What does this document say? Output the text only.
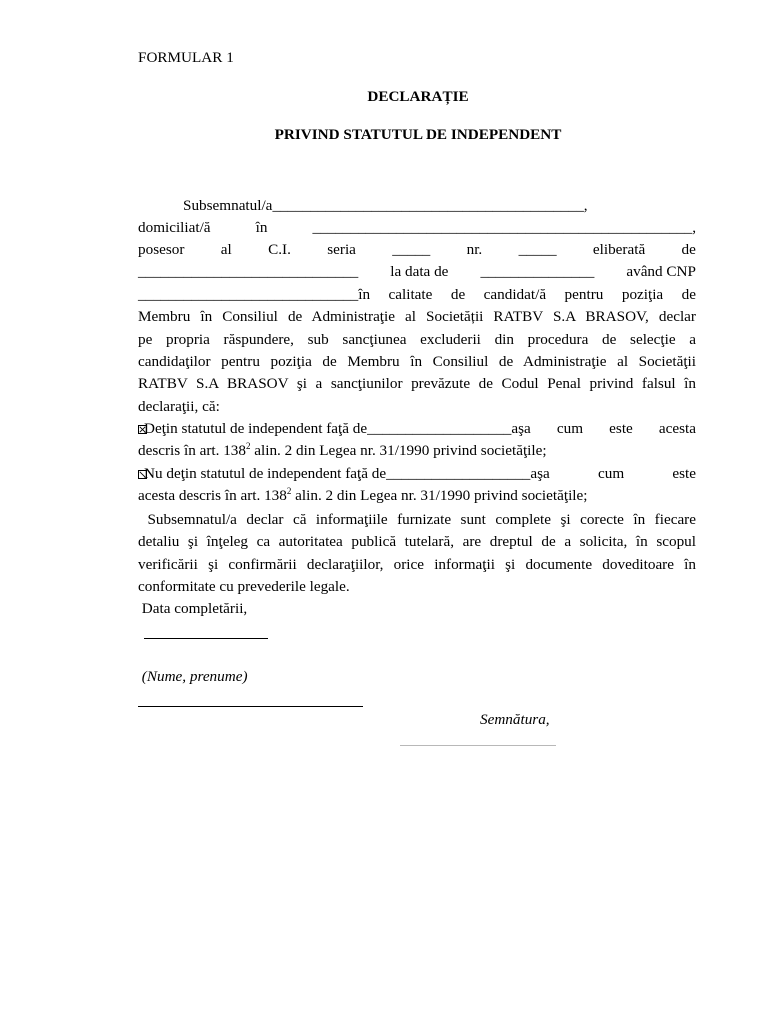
FORMULAR 1
DECLARAȚIE
PRIVIND STATUTUL DE INDEPENDENT
Subsemnatul/a_________________________________________,
domiciliat/ă	în	__________________________________________________,
posesor al C.I. seria _____ nr. _____ eliberată de
_____________________________ la data de _______________ având CNP
_____________________________ în calitate de candidat/ă pentru poziţia de
Membru în Consiliul de Administraţie al Societății RATBV S.A BRASOV, declar
pe propria răspundere, sub sancţiunea excluderii din procedura de selecţie a
candidaţilor pentru poziţia de Membru în Consiliul de Administraţie al Societăţii
RATBV S.A BRASOV şi a sancţiunilor prevăzute de Codul Penal privind falsul în
declaraţii, că:
Deţin statutul de independent faţă de ___________________ aşa cum este acesta
descris în art. $138^2$ alin. 2 din Legea nr. 31/1990 privind societăţile;
Nu deţin statutul de independent faţă de ___________________ aşa cum este
acesta descris în art. $138^2$ alin. 2 din Legea nr. 31/1990 privind societăţile;
Subsemnatul/a declar că informaţiile furnizate sunt complete şi corecte în fiecare
detaliu şi înţeleg ca autoritatea publică tutelară, are dreptul de a solicita, în scopul
verificării şi confirmării declaraţiilor, orice informaţii şi documente doveditoare în
conformitate cu prevederile legale.
Data completării,
(Nume, prenume)
Semnătura,
